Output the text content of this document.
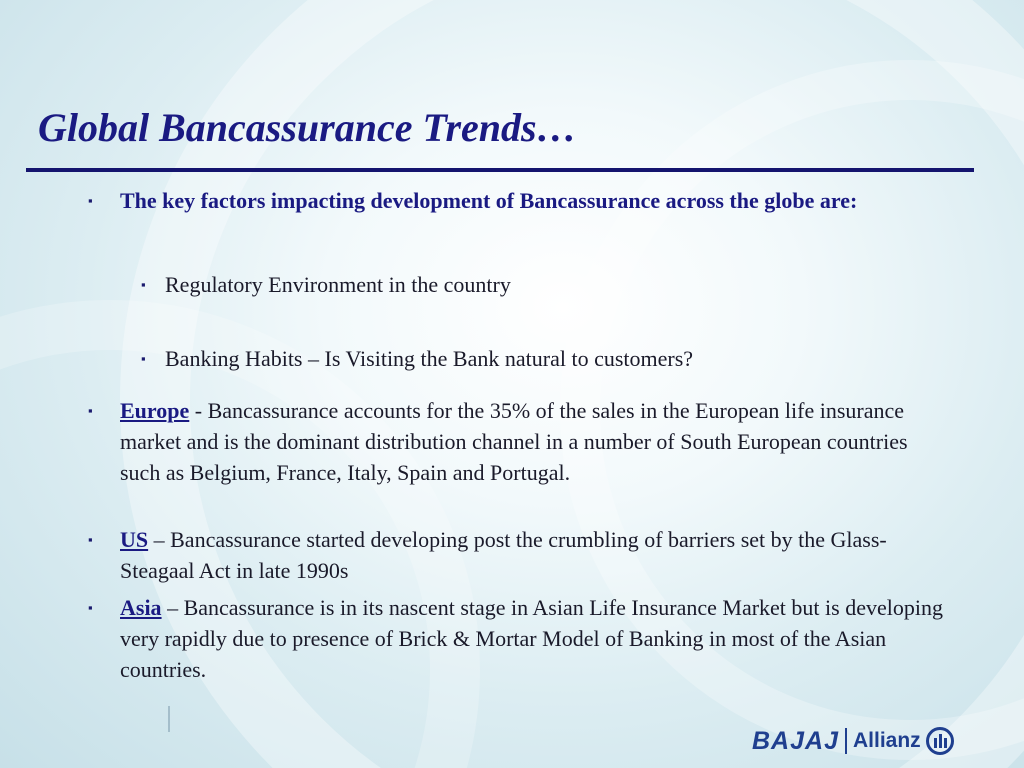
Global Bancassurance Trends…
▪ The key factors impacting development of Bancassurance across the globe are:
▪ Regulatory Environment in the country
▪ Banking Habits – Is Visiting the Bank natural to customers?
▪ Europe - Bancassurance accounts for the 35% of the sales in the European life insurance market and is the dominant distribution channel in a number of South European countries such as Belgium, France, Italy, Spain and Portugal.
▪ US – Bancassurance started developing post the crumbling of barriers set by the Glass-Steagaal Act in late 1990s
▪ Asia – Bancassurance is in its nascent stage in Asian Life Insurance Market but is developing very rapidly due to presence of Brick & Mortar Model of Banking in most of the Asian countries.
BAJAJ Allianz
